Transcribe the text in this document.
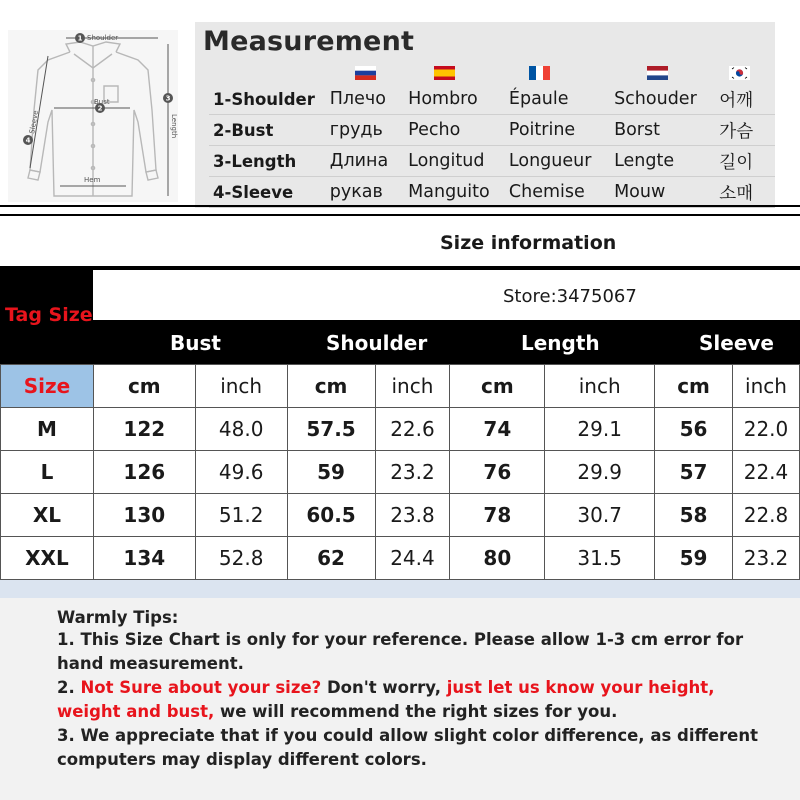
1
2
3
4
Shoulder
Bust
Hem
Length
Sleeve
Measurement
1-Shoulder	Плечо	Hombro	Épaule	Schouder	어깨
2-Bust	грудь	Pecho	Poitrine	Borst	가슴
3-Length	Длина	Longitud	Longueur	Lengte	길이
4-Sleeve	рукав	Manguito	Chemise	Mouw	소매
Size information
Tag Size
Store:3475067
Bust	Shoulder	Length	Sleeve
Size	cm	inch	cm	inch	cm	inch	cm	inch
M	122	48.0	57.5	22.6	74	29.1	56	22.0
L	126	49.6	59	23.2	76	29.9	57	22.4
XL	130	51.2	60.5	23.8	78	30.7	58	22.8
XXL	134	52.8	62	24.4	80	31.5	59	23.2

Warmly Tips:

1. This Size Chart is only for your reference. Please allow 1-3 cm error for hand measurement.

2. Not Sure about your size? Don't worry, just let us know your height, weight and bust, we will recommend the right sizes for you.

3. We appreciate that if you could allow slight color difference, as different computers may display different colors.
